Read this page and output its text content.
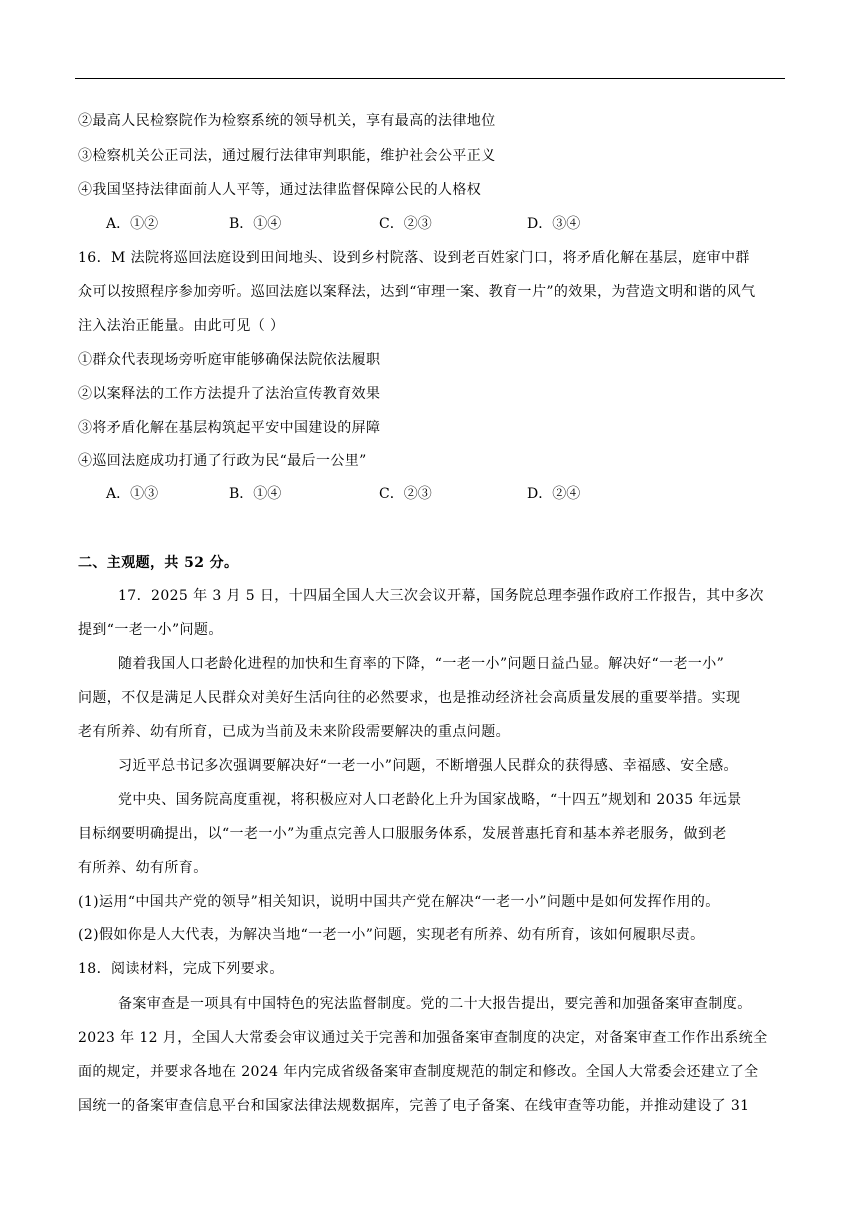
②最高人民检察院作为检察系统的领导机关，享有最高的法律地位
③检察机关公正司法，通过履行法律审判职能，维护社会公平正义
④我国坚持法律面前人人平等，通过法律监督保障公民的人格权
A．①②	B．①④	C．②③	D．③④
16．M 法院将巡回法庭设到田间地头、设到乡村院落、设到老百姓家门口，将矛盾化解在基层，庭审中群
众可以按照程序参加旁听。巡回法庭以案释法，达到“审理一案、教育一片”的效果，为营造文明和谐的风气
注入法治正能量。由此可见（ ）
①群众代表现场旁听庭审能够确保法院依法履职
②以案释法的工作方法提升了法治宣传教育效果
③将矛盾化解在基层构筑起平安中国建设的屏障
④巡回法庭成功打通了行政为民“最后一公里”
A．①③	B．①④	C．②③	D．②④
二、主观题，共 52 分。
17．2025 年 3 月 5 日，十四届全国人大三次会议开幕，国务院总理李强作政府工作报告，其中多次
提到“一老一小”问题。
随着我国人口老龄化进程的加快和生育率的下降，“一老一小”问题日益凸显。解决好“一老一小”
问题，不仅是满足人民群众对美好生活向往的必然要求，也是推动经济社会高质量发展的重要举措。实现
老有所养、幼有所育，已成为当前及未来阶段需要解决的重点问题。
习近平总书记多次强调要解决好“一老一小”问题，不断增强人民群众的获得感、幸福感、安全感。
党中央、国务院高度重视，将积极应对人口老龄化上升为国家战略，“十四五”规划和 2035 年远景
目标纲要明确提出，以“一老一小”为重点完善人口服服务体系，发展普惠托育和基本养老服务，做到老
有所养、幼有所育。
(1)运用“中国共产党的领导”相关知识，说明中国共产党在解决“一老一小”问题中是如何发挥作用的。
(2)假如你是人大代表，为解决当地“一老一小”问题，实现老有所养、幼有所育，该如何履职尽责。
18．阅读材料，完成下列要求。
备案审查是一项具有中国特色的宪法监督制度。党的二十大报告提出，要完善和加强备案审查制度。
2023 年 12 月，全国人大常委会审议通过关于完善和加强备案审查制度的决定，对备案审查工作作出系统全
面的规定，并要求各地在 2024 年内完成省级备案审查制度规范的制定和修改。全国人大常委会还建立了全
国统一的备案审查信息平台和国家法律法规数据库，完善了电子备案、在线审查等功能，并推动建设了 31
